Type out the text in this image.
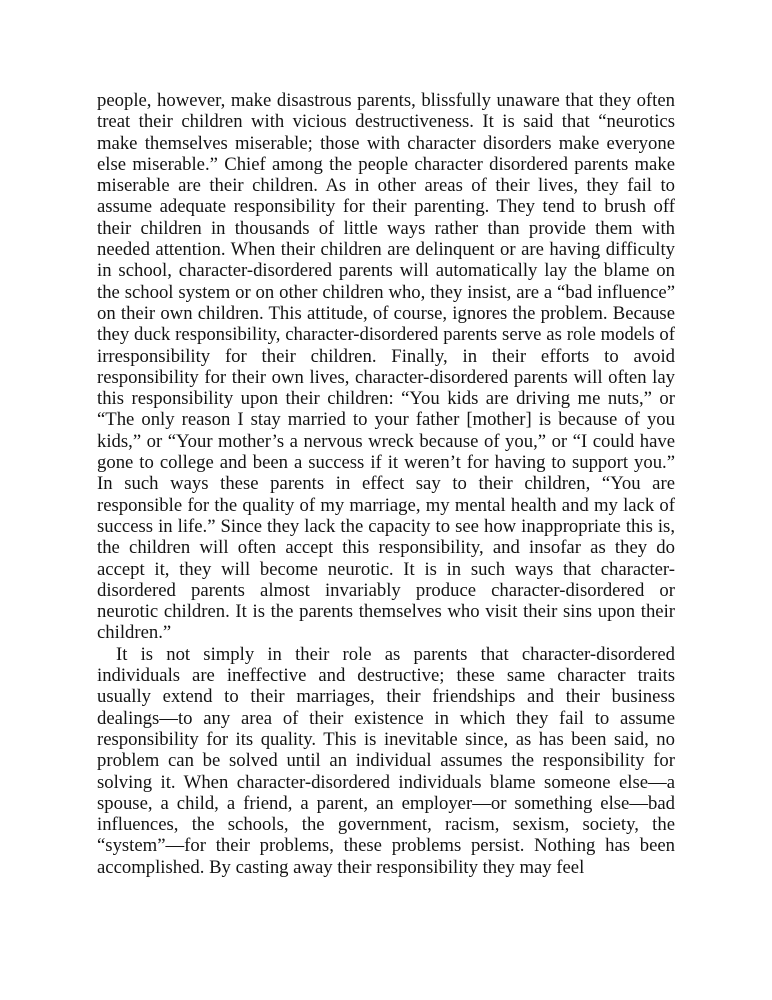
people, however, make disastrous parents, blissfully unaware that they often treat their children with vicious destructiveness. It is said that “neurotics make themselves miserable; those with character disorders make everyone else miserable.” Chief among the people character disordered parents make miserable are their children. As in other areas of their lives, they fail to assume adequate responsibility for their parenting. They tend to brush off their children in thousands of little ways rather than provide them with needed attention. When their children are delinquent or are having difficulty in school, character-disordered parents will automatically lay the blame on the school system or on other children who, they insist, are a “bad influence” on their own children. This attitude, of course, ignores the problem. Because they duck responsibility, character-disordered parents serve as role models of irresponsibility for their children. Finally, in their efforts to avoid responsibility for their own lives, character-disordered parents will often lay this responsibility upon their children: “You kids are driving me nuts,” or “The only reason I stay married to your father [mother] is because of you kids,” or “Your mother’s a nervous wreck because of you,” or “I could have gone to college and been a success if it weren’t for having to support you.” In such ways these parents in effect say to their children, “You are responsible for the quality of my marriage, my mental health and my lack of success in life.” Since they lack the capacity to see how inappropriate this is, the children will often accept this responsibility, and insofar as they do accept it, they will become neurotic. It is in such ways that character-disordered parents almost invariably produce character-disordered or neurotic children. It is the parents themselves who visit their sins upon their children.”

It is not simply in their role as parents that character-disordered individuals are ineffective and destructive; these same character traits usually extend to their marriages, their friendships and their business dealings—to any area of their existence in which they fail to assume responsibility for its quality. This is inevitable since, as has been said, no problem can be solved until an individual assumes the responsibility for solving it. When character-disordered individuals blame someone else—a spouse, a child, a friend, a parent, an employer—or something else—bad influences, the schools, the government, racism, sexism, society, the “system”—for their problems, these problems persist. Nothing has been accomplished. By casting away their responsibility they may feel
